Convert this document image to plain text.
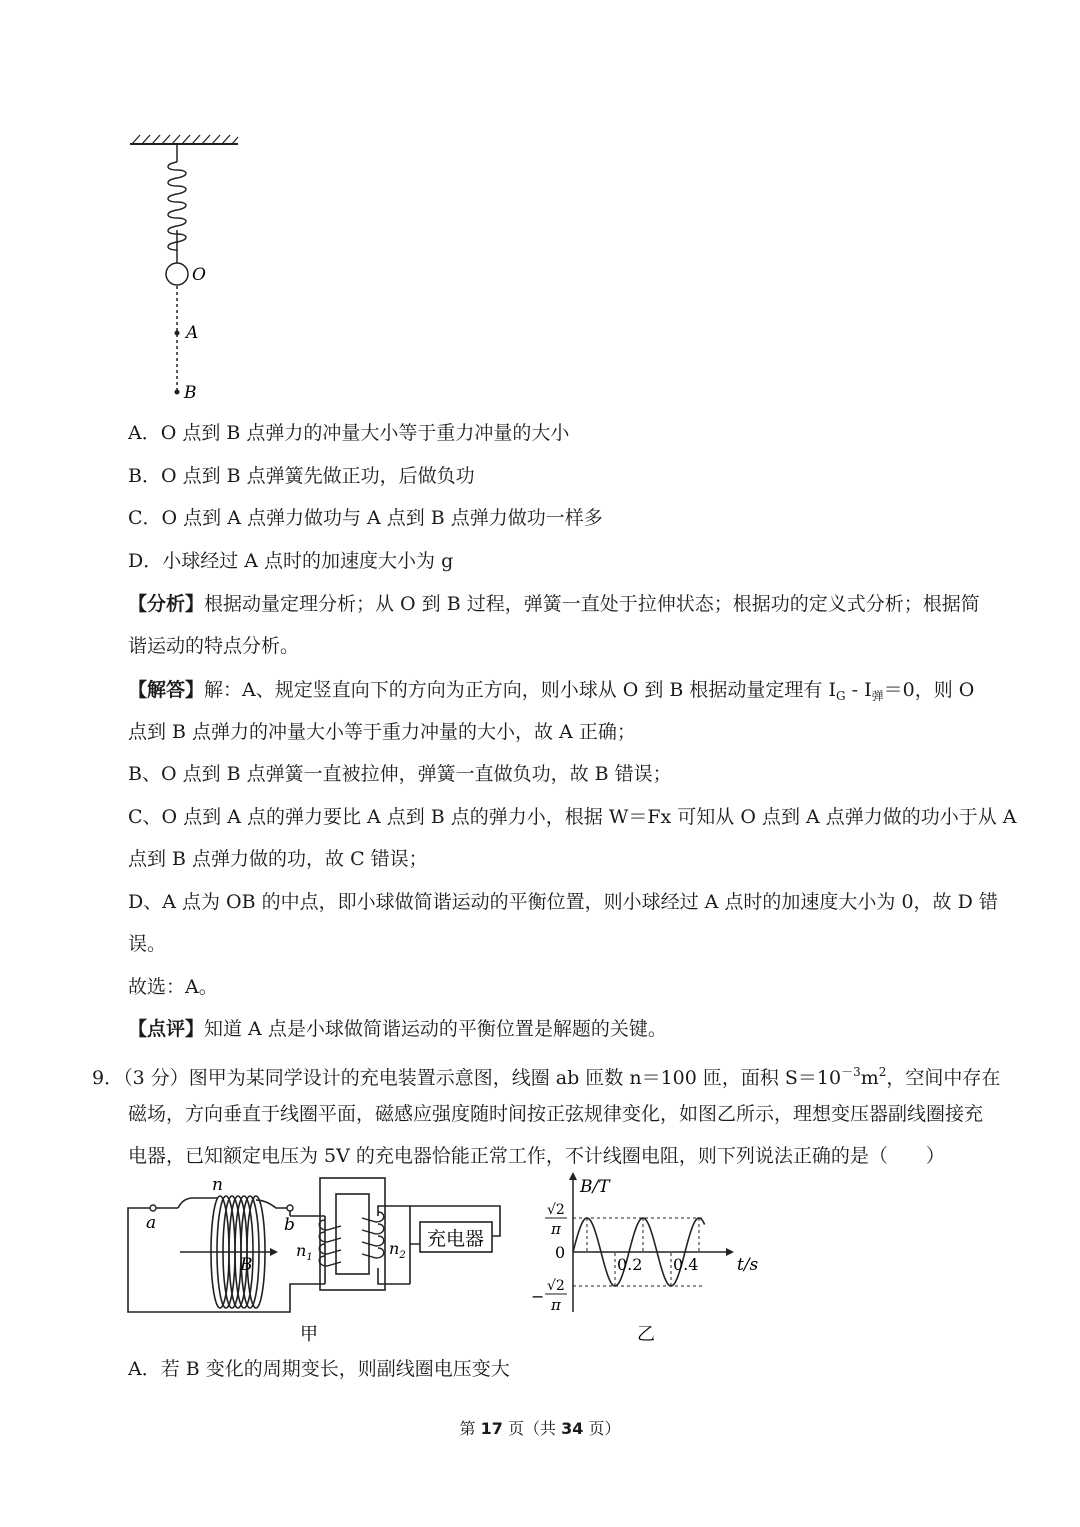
O
A
B
A．O 点到 B 点弹力的冲量大小等于重力冲量的大小
B．O 点到 B 点弹簧先做正功，后做负功
C．O 点到 A 点弹力做功与 A 点到 B 点弹力做功一样多
D．小球经过 A 点时的加速度大小为 g
【分析】根据动量定理分析；从 O 到 B 过程，弹簧一直处于拉伸状态；根据功的定义式分析；根据简
谐运动的特点分析。
【解答】解：A、规定竖直向下的方向为正方向，则小球从 O 到 B 根据动量定理有 $I_G - I_弹=0$，则 O
点到 B 点弹力的冲量大小等于重力冲量的大小，故 A 正确；
B、O 点到 B 点弹簧一直被拉伸，弹簧一直做负功，故 B 错误；
C、O 点到 A 点的弹力要比 A 点到 B 点的弹力小，根据 W＝Fx 可知从 O 点到 A 点弹力做的功小于从 A
点到 B 点弹力做的功，故 C 错误；
D、A 点为 OB 的中点，即小球做简谐运动的平衡位置，则小球经过 A 点时的加速度大小为 0，故 D 错
误。
故选：A。
【点评】知道 A 点是小球做简谐运动的平衡位置是解题的关键。
9．（3 分）图甲为某同学设计的充电装置示意图，线圈 ab 匝数 n＝100 匝，面积 $S=10^{-3}m^2$，空间中存在
磁场，方向垂直于线圈平面，磁感应强度随时间按正弦规律变化，如图乙所示，理想变压器副线圈接充
电器，已知额定电压为 5V 的充电器恰能正常工作，不计线圈电阻，则下列说法正确的是（　　）
n
a	b
B
$n_1$	$n_2$
充电器
甲
0.2 0.4
B/T
t/s
√2
π
0
−
√2
π
乙
A．若 B 变化的周期变长，则副线圈电压变大
第 17 页（共 34 页）
